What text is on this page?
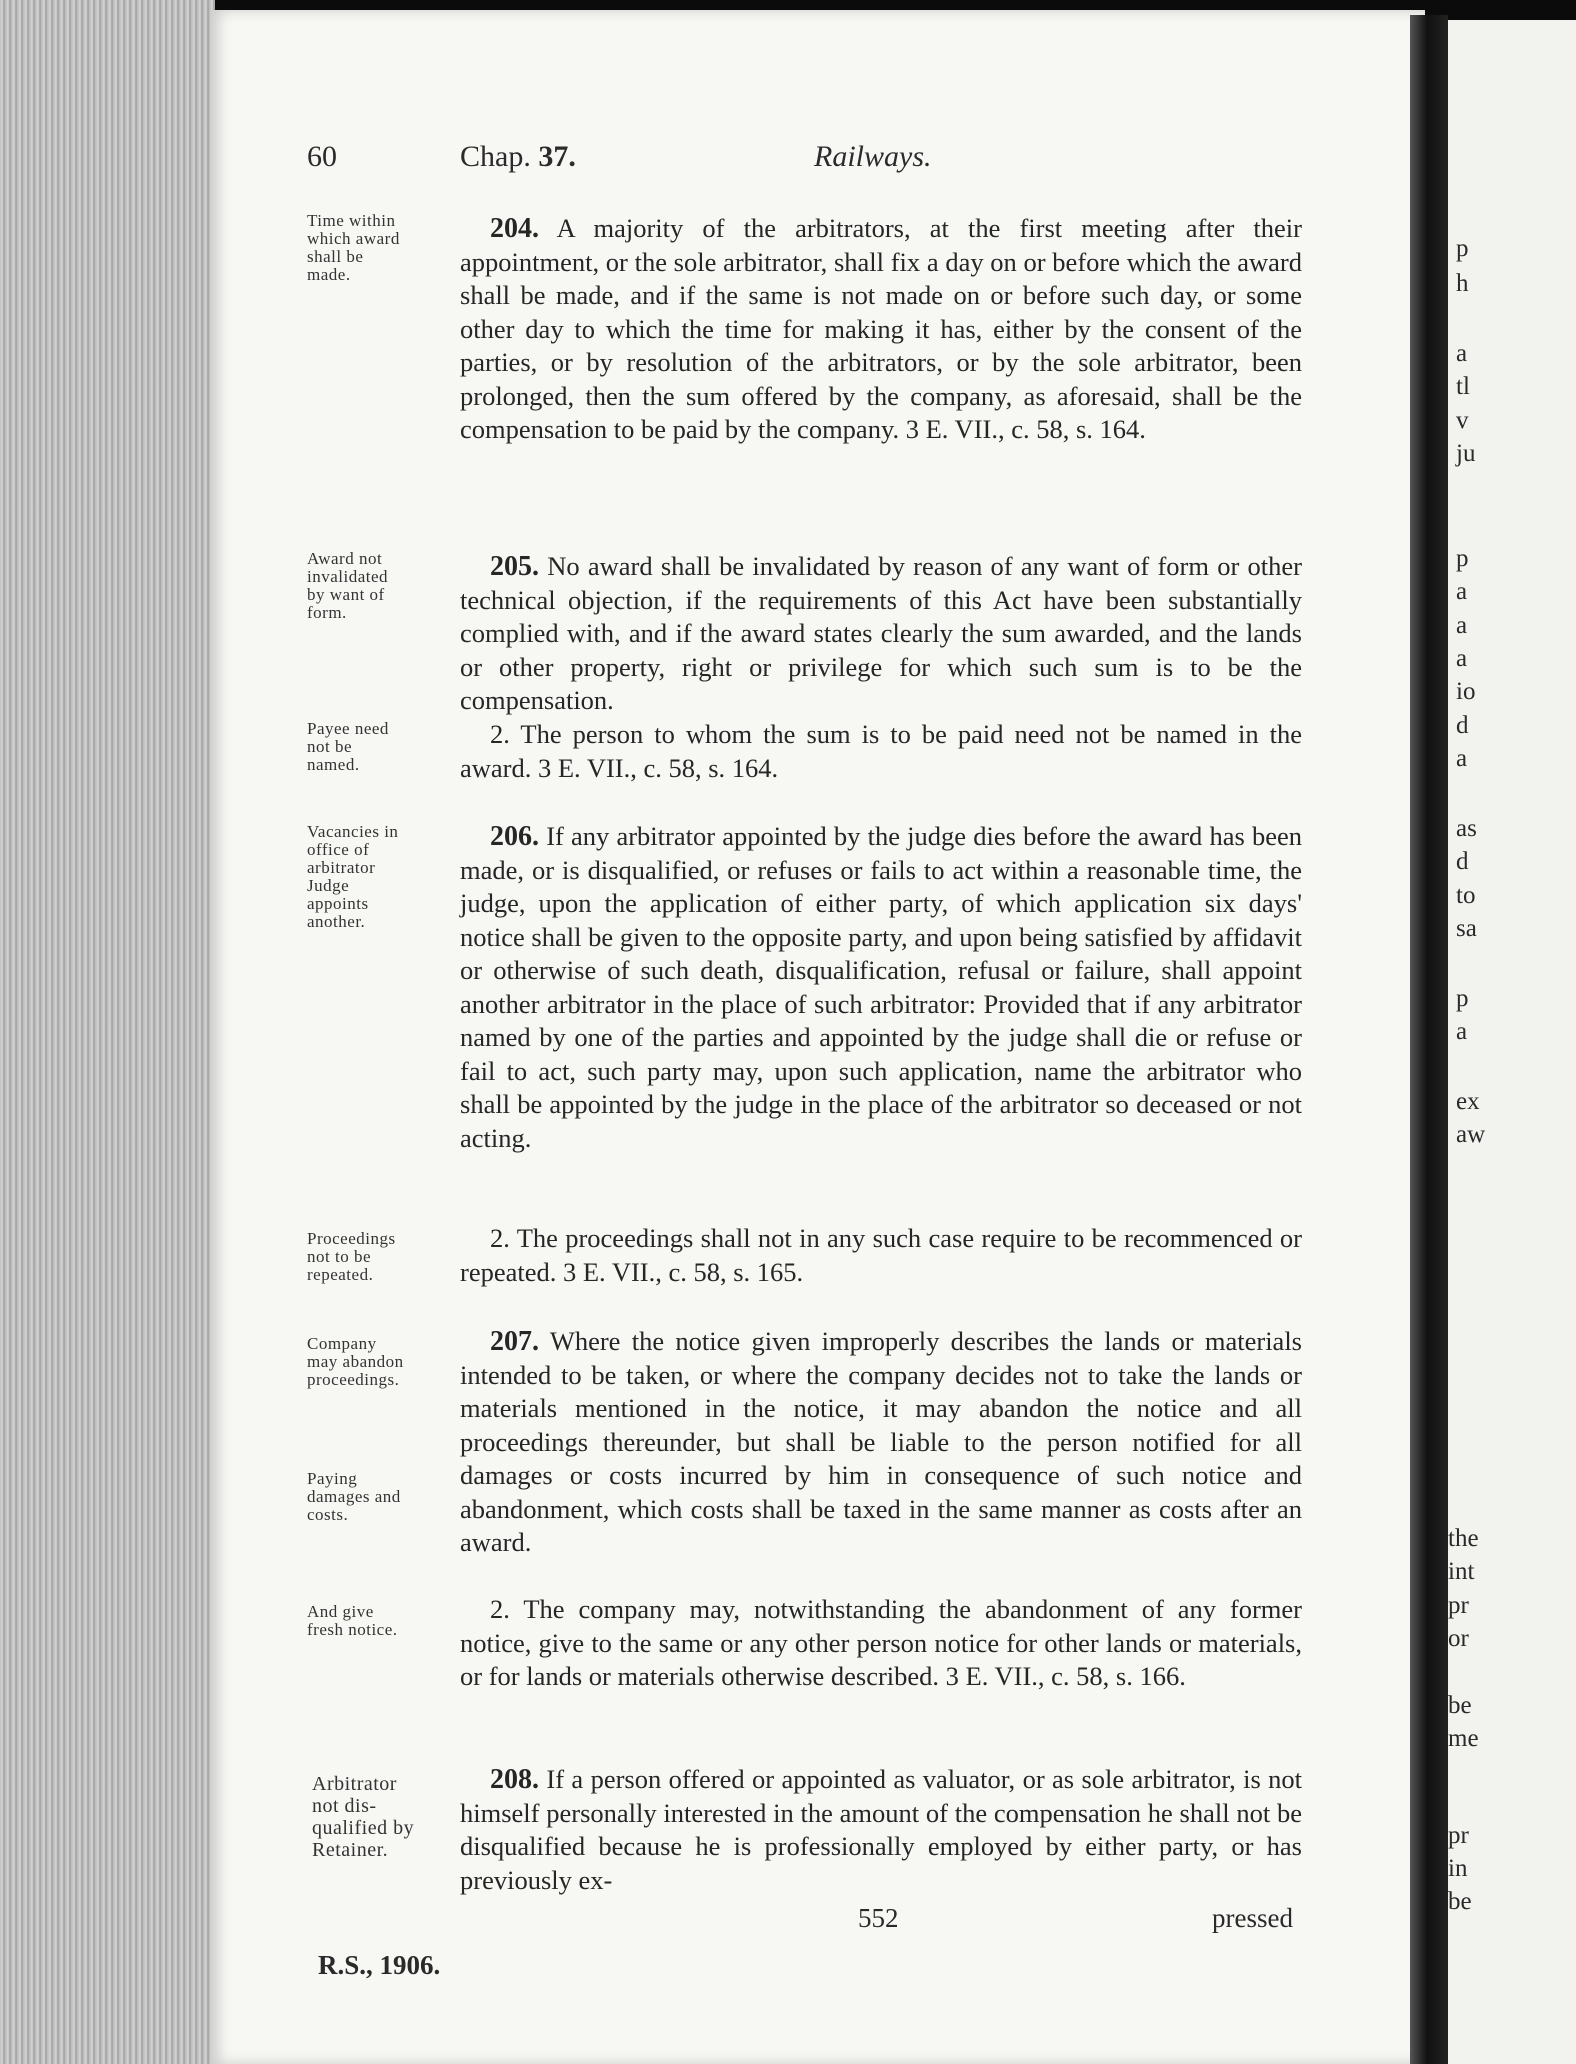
p
h
a
tl
v
ju
p
a
a
a
io
d
a
as
d
to
sa
p
a
ex
aw
the
int
pr
or
be
me
pr
in
be
60	Chap. 37.	Railways.
Time within
which award
shall be
made.
Award not
invalidated
by want of
form.
Payee need
not be
named.
Vacancies in
office of
arbitrator
Judge
appoints
another.
Proceedings
not to be
repeated.
Company
may abandon
proceedings.
Paying
damages and
costs.
And give
fresh notice.
Arbitrator
not dis-
qualified by
Retainer.
204. A majority of the arbitrators, at the first meeting after their appointment, or the sole arbitrator, shall fix a day on or before which the award shall be made, and if the same is not made on or before such day, or some other day to which the time for making it has, either by the consent of the parties, or by resolution of the arbitrators, or by the sole arbitrator, been prolonged, then the sum offered by the company, as aforesaid, shall be the compensation to be paid by the company. 3 E. VII., c. 58, s. 164.
205. No award shall be invalidated by reason of any want of form or other technical objection, if the requirements of this Act have been substantially complied with, and if the award states clearly the sum awarded, and the lands or other property, right or privilege for which such sum is to be the compensation.
2. The person to whom the sum is to be paid need not be named in the award. 3 E. VII., c. 58, s. 164.
206. If any arbitrator appointed by the judge dies before the award has been made, or is disqualified, or refuses or fails to act within a reasonable time, the judge, upon the application of either party, of which application six days' notice shall be given to the opposite party, and upon being satisfied by affidavit or otherwise of such death, disqualification, refusal or failure, shall appoint another arbitrator in the place of such arbitrator: Provided that if any arbitrator named by one of the parties and appointed by the judge shall die or refuse or fail to act, such party may, upon such application, name the arbitrator who shall be appointed by the judge in the place of the arbitrator so deceased or not acting.
2. The proceedings shall not in any such case require to be recommenced or repeated. 3 E. VII., c. 58, s. 165.
207. Where the notice given improperly describes the lands or materials intended to be taken, or where the company decides not to take the lands or materials mentioned in the notice, it may abandon the notice and all proceedings thereunder, but shall be liable to the person notified for all damages or costs incurred by him in consequence of such notice and abandonment, which costs shall be taxed in the same manner as costs after an award.
2. The company may, notwithstanding the abandonment of any former notice, give to the same or any other person notice for other lands or materials, or for lands or materials otherwise described. 3 E. VII., c. 58, s. 166.
208. If a person offered or appointed as valuator, or as sole arbitrator, is not himself personally interested in the amount of the compensation he shall not be disqualified because he is professionally employed by either party, or has previously ex-
552	pressed
R.S., 1906.
